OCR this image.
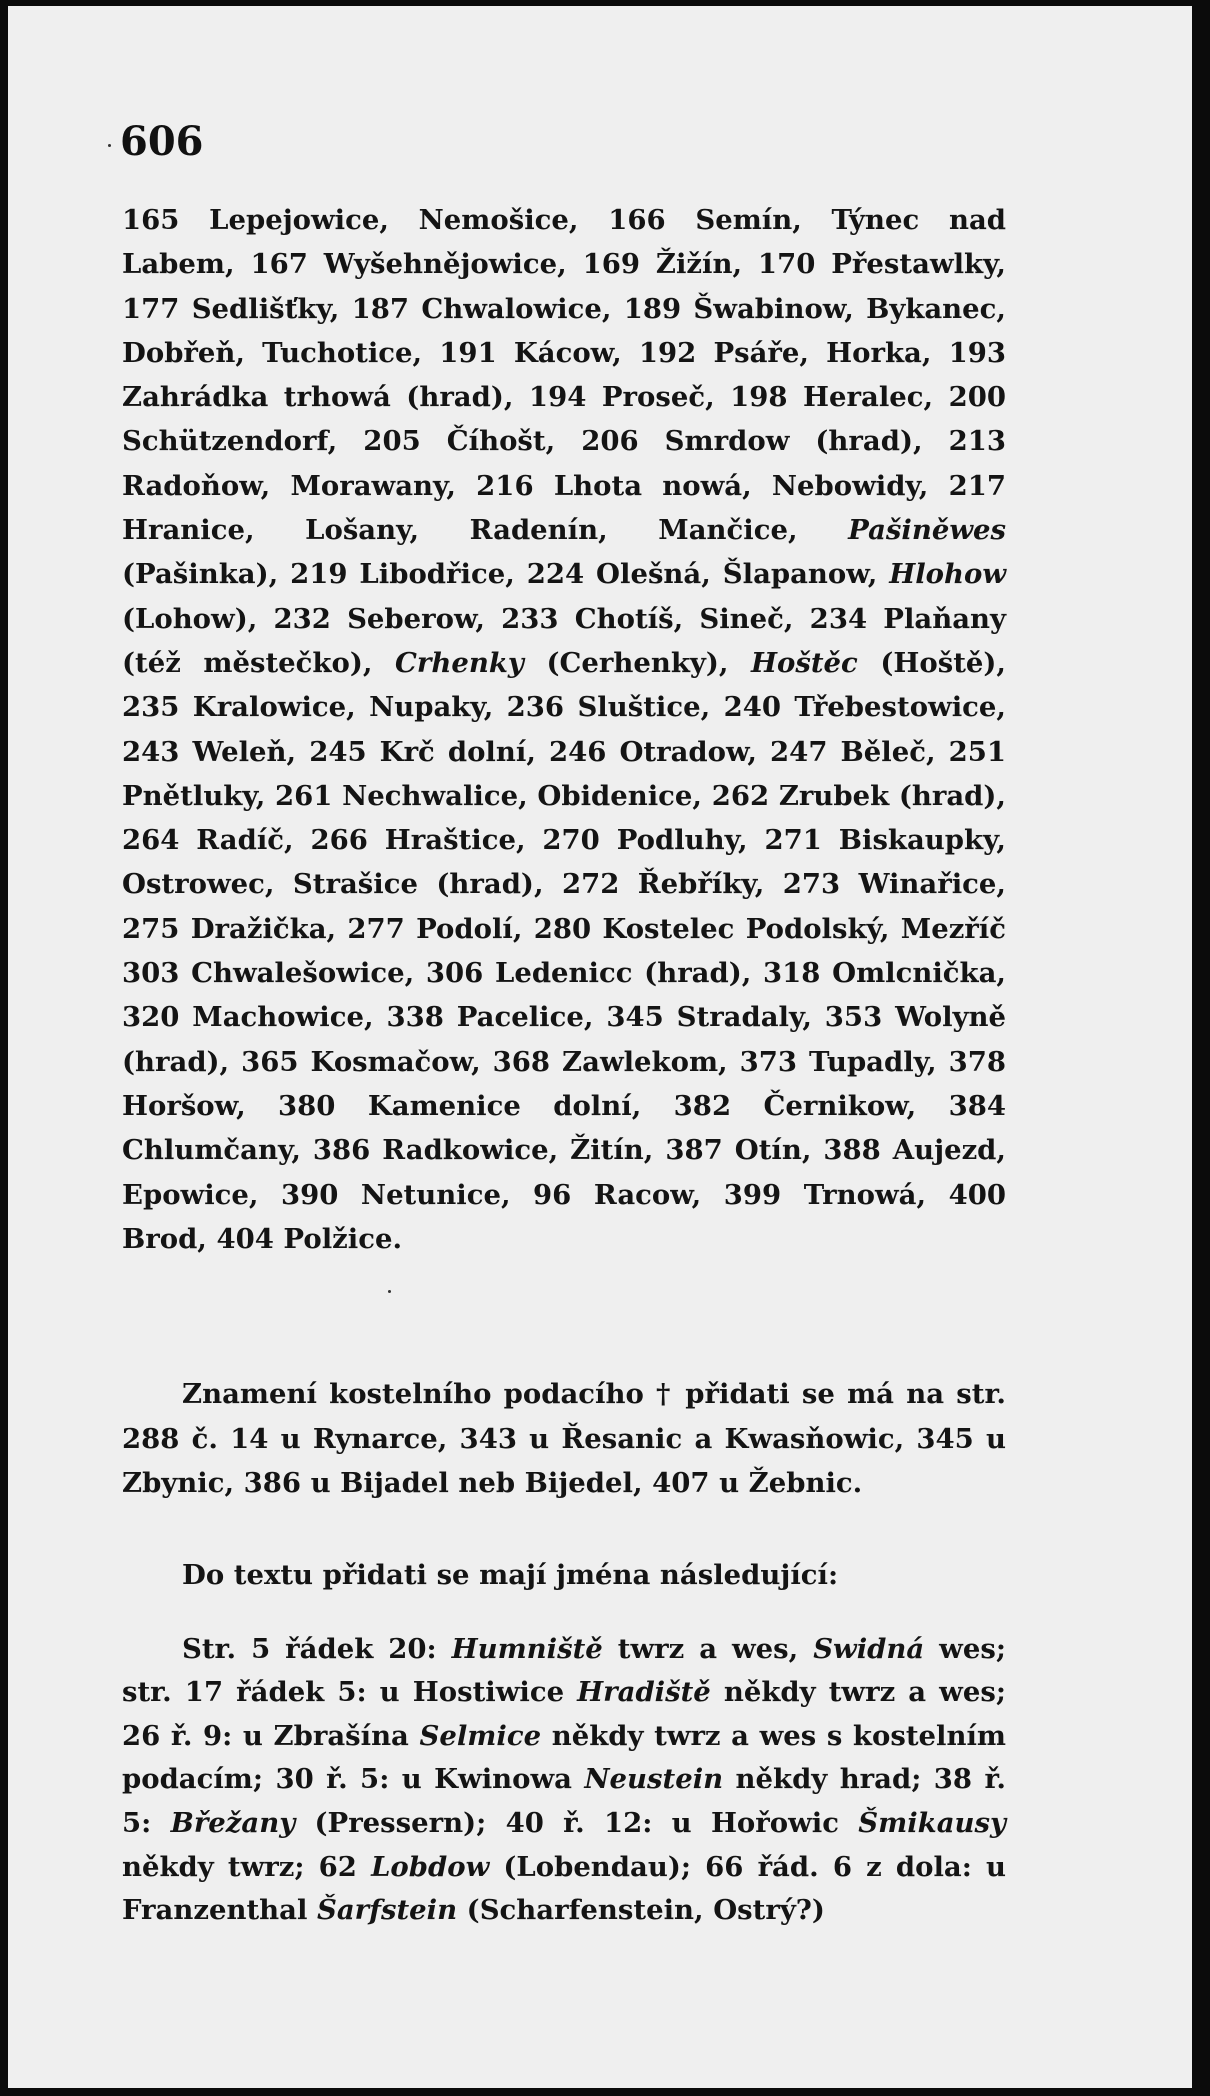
606

165 Lepejowice, Nemošice, 166 Semín, Týnec nad Labem, 167 Wyšehnějowice, 169 Žižín, 170 Přestawlky, 177 Sedlišťky, 187 Chwalowice, 189 Šwabinow, Bykanec, Dobřeň, Tuchotice, 191 Kácow, 192 Psáře, Horka, 193 Zahrádka trhowá (hrad), 194 Proseč, 198 Heralec, 200 Schützendorf, 205 Číhošt, 206 Smrdow (hrad), 213 Radoňow, Morawany, 216 Lhota nowá, Nebowidy, 217 Hranice, Lošany, Radenín, Mančice, Pašiněwes (Pašinka), 219 Libodřice, 224 Olešná, Šlapanow, Hlohow (Lohow), 232 Seberow, 233 Chotíš, Sineč, 234 Plaňany (též městečko), Crhenky (Cerhenky), Hoštěc (Hoště), 235 Kralowice, Nupaky, 236 Sluštice, 240 Třebestowice, 243 Weleň, 245 Krč dolní, 246 Otradow, 247 Běleč, 251 Pnětluky, 261 Nechwalice, Obidenice, 262 Zrubek (hrad), 264 Radíč, 266 Hraštice, 270 Podluhy, 271 Biskaupky, Ostrowec, Strašice (hrad), 272 Řebříky, 273 Winařice, 275 Dražička, 277 Podolí, 280 Kostelec Podolský, Mezříč 303 Chwalešowice, 306 Ledenicc (hrad), 318 Omlcnička, 320 Machowice, 338 Pacelice, 345 Stradaly, 353 Wolyně (hrad), 365 Kosmačow, 368 Zawlekom, 373 Tupadly, 378 Horšow, 380 Kamenice dolní, 382 Černikow, 384 Chlumčany, 386 Radkowice, Žitín, 387 Otín, 388 Aujezd, Epowice, 390 Netunice, 96 Racow, 399 Trnowá, 400 Brod, 404 Polžice.

Znamení kostelního podacího † přidati se má na str. 288 č. 14 u Rynarce, 343 u Řesanic a Kwasňowic, 345 u Zbynic, 386 u Bijadel neb Bijedel, 407 u Žebnic.

Do textu přidati se mají jména následující:

Str. 5 řádek 20: Humniště twrz a wes, Swidná wes; str. 17 řádek 5: u Hostiwice Hradiště někdy twrz a wes; 26 ř. 9: u Zbrašína Selmice někdy twrz a wes s kostelním podacím; 30 ř. 5: u Kwinowa Neustein někdy hrad; 38 ř. 5: Břežany (Pressern); 40 ř. 12: u Hořowic Šmikausy někdy twrz; 62 Lobdow (Lobendau); 66 řád. 6 z dola: u Franzenthal Šarfstein (Scharfenstein, Ostrý?)
